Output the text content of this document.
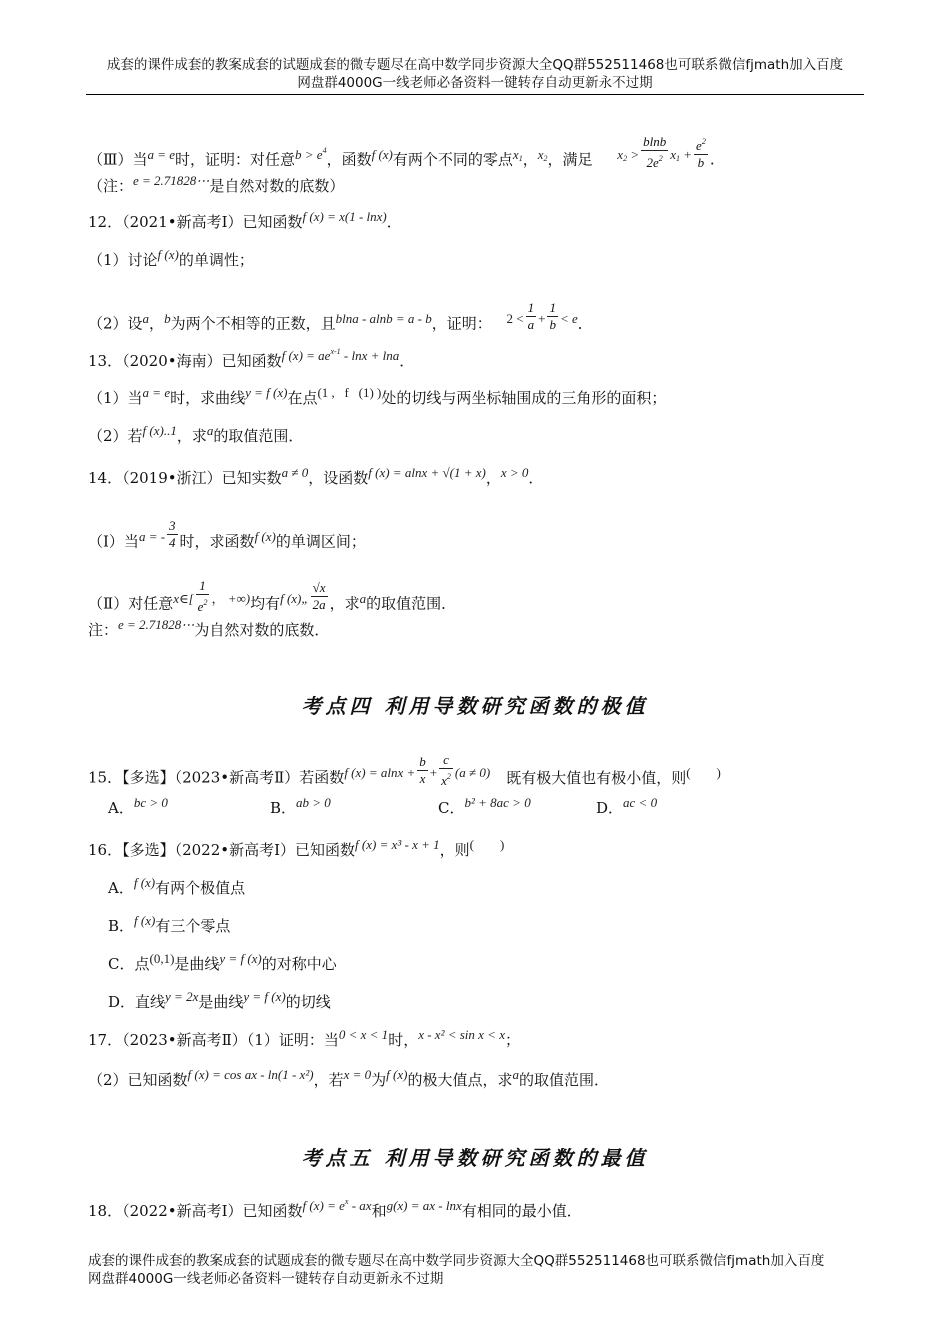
成套的课件成套的教案成套的试题成套的微专题尽在高中数学同步资源大全QQ群552511468也可联系微信fjmath加入百度
网盘群4000G一线老师必备资料一键转存自动更新永不过期
（Ⅲ）当a = e时，证明：对任意$b > e^4$，函数f (x)有两个不同的零点$x_1$，$x_2$，满足 $x_2 > \frac{blnb}{2e^2} x_1 + \frac{e^2}{b}$ .
（注：e = 2.71828⋯是自然对数的底数）
12．（2021•新高考Ⅰ）已知函数f (x) = x(1 - lnx)．
（1）讨论f (x)的单调性；
（2）设a，b为两个不相等的正数，且blna - alnb = a - b，证明： $2 < \frac{1}{a} + \frac{1}{b} < e$．
13．（2020•海南）已知函数f $(x) = ae^{x-1} - \ln x + \ln a$．
（1）当a = e时，求曲线y = f (x)在点(1 ,   f   (1) )处的切线与两坐标轴围成的三角形的面积；
（2）若f (x)..1，求a的取值范围．
14．（2019•浙江）已知实数a ≠ 0，设函数f (x) = alnx + √(1 + x)，x > 0．
（Ⅰ）当a = - $\frac{3}{4}$ 时，求函数f (x)的单调区间；
（Ⅱ）对任意x∈[ $\frac{1}{e^2}$ ， +∞)均有f (x)„ $\frac{√x}{2a}$ ，求a的取值范围．
注：e = 2.71828⋯为自然对数的底数．
考点四 利用导数研究函数的极值
15．【多选】（2023•新高考Ⅱ）若函数f $(x) = alnx + \frac{b}{x} + \frac{c}{x^2} (a \ne 0)$ 既有极大值也有极小值，则(        )
A．bc > 0	B．ab > 0	C．b² + 8ac > 0	D．ac < 0
16．【多选】（2022•新高考Ⅰ）已知函数f (x) = x³ - x + 1，则(        )
A．f (x)有两个极值点
B．f (x)有三个零点
C．点(0,1)是曲线y = f (x)的对称中心
D．直线y = 2x是曲线y = f (x)的切线
17．（2023•新高考Ⅱ）（1）证明：当0 < x < 1时，x - x² < sin x < x；
（2）已知函数f (x) = cos ax - ln(1 - x²)，若x = 0为f (x)的极大值点，求a的取值范围．
考点五 利用导数研究函数的最值
18．（2022•新高考Ⅰ）已知函数f $(x) = e^x$ - ax和g(x) = ax - lnx有相同的最小值．
成套的课件成套的教案成套的试题成套的微专题尽在高中数学同步资源大全QQ群552511468也可联系微信fjmath加入百度
网盘群4000G一线老师必备资料一键转存自动更新永不过期
